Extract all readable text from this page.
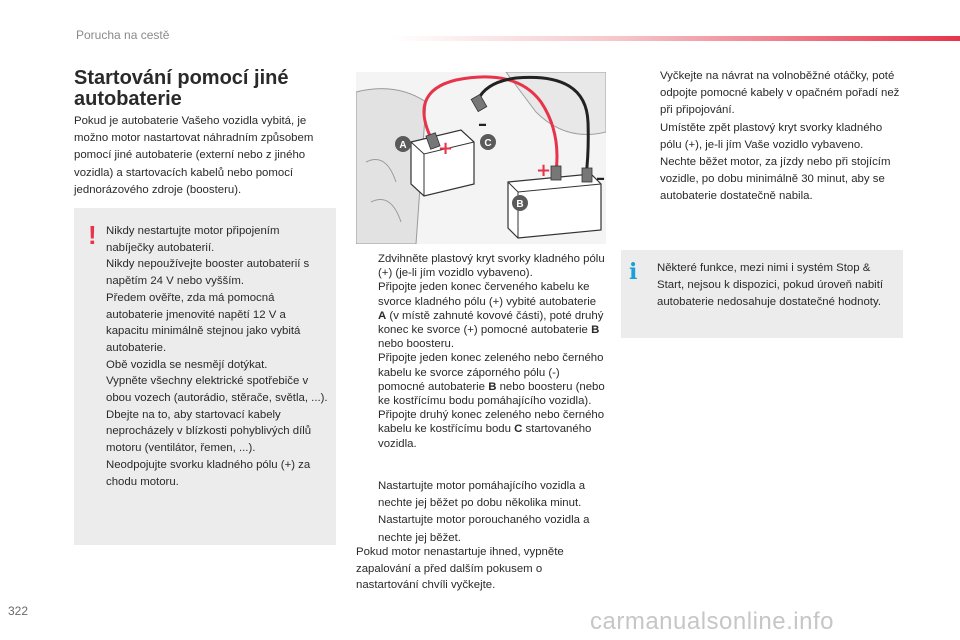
Porucha na cestě
Startování pomocí jiné autobaterie
Pokud je autobaterie Vašeho vozidla vybitá, je možno motor nastartovat náhradním způsobem pomocí jiné autobaterie (externí nebo z jiného vozidla) a startovacích kabelů nebo pomocí jednorázového zdroje (boosteru).
! Nikdy nestartujte motor připojením nabíječky autobaterií.

Nikdy nepoužívejte booster autobaterií s napětím 24 V nebo vyšším.

Předem ověřte, zda má pomocná autobaterie jmenovité napětí 12 V a kapacitu minimálně stejnou jako vybitá autobaterie.

Obě vozidla se nesmějí dotýkat.

Vypněte všechny elektrické spotřebiče v obou vozech (autorádio, stěrače, světla, ...).

Dbejte na to, aby startovací kabely neprocházely v blízkosti pohyblivých dílů motoru (ventilátor, řemen, ...).

Neodpojujte svorku kladného pólu (+) za chodu motoru.

+
–
+ –
A	C
B
Zdvihněte plastový kryt svorky kladného pólu (+) (je-li jím vozidlo vybaveno).
Připojte jeden konec červeného kabelu ke svorce kladného pólu (+) vybité autobaterie A (v místě zahnuté kovové části), poté druhý konec ke svorce (+) pomocné autobaterie B nebo boosteru.
Připojte jeden konec zeleného nebo černého kabelu ke svorce záporného pólu (-) pomocné autobaterie B nebo boosteru (nebo ke kostřícímu bodu pomáhajícího vozidla).
Připojte druhý konec zeleného nebo černého kabelu ke kostřícímu bodu C startovaného vozidla.
Nastartujte motor pomáhajícího vozidla a nechte jej běžet po dobu několika minut.
Nastartujte motor porouchaného vozidla a nechte jej běžet.
Pokud motor nenastartuje ihned, vypněte zapalování a před dalším pokusem o nastartování chvíli vyčkejte.
Vyčkejte na návrat na volnoběžné otáčky, poté odpojte pomocné kabely v opačném pořadí než při připojování.
Umístěte zpět plastový kryt svorky kladného pólu (+), je-li jím Vaše vozidlo vybaveno.
Nechte běžet motor, za jízdy nebo při stojícím vozidle, po dobu minimálně 30 minut, aby se autobaterie dostatečně nabila.
i Některé funkce, mezi nimi i systém Stop & Start, nejsou k dispozici, pokud úroveň nabití autobaterie nedosahuje dostatečné hodnoty.
322	carmanualsonline.info
